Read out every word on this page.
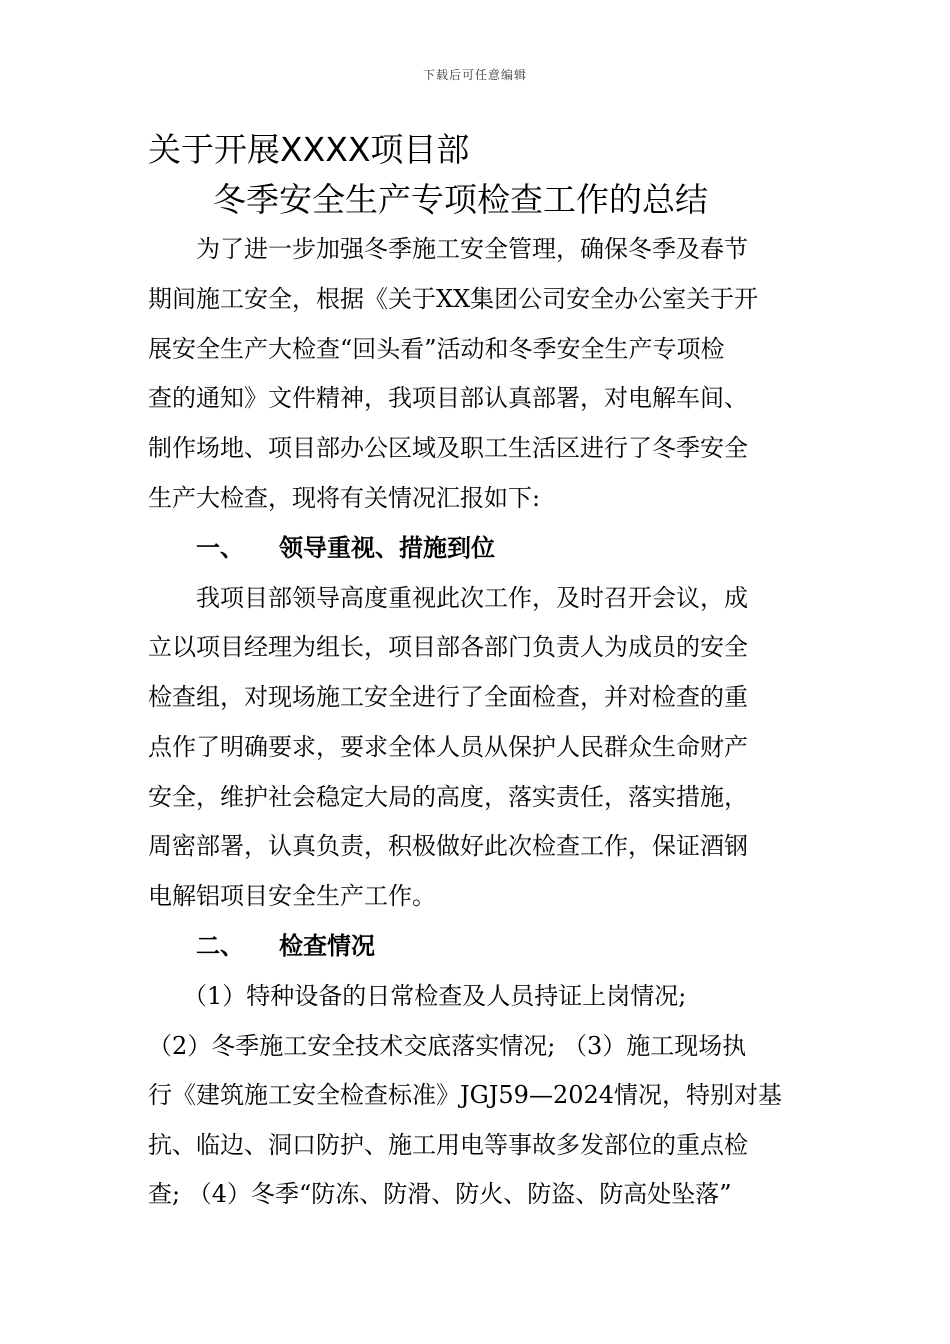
下载后可任意编辑
关于开展XXXX项目部
冬季安全生产专项检查工作的总结
为了进一步加强冬季施工安全管理，确保冬季及春节
期间施工安全，根据《关于XX集团公司安全办公室关于开
展安全生产大检查“回头看”活动和冬季安全生产专项检
查的通知》文件精神，我项目部认真部署，对电解车间、
制作场地、项目部办公区域及职工生活区进行了冬季安全
生产大检查，现将有关情况汇报如下:
一、 领导重视、措施到位
我项目部领导高度重视此次工作，及时召开会议，成
立以项目经理为组长，项目部各部门负责人为成员的安全
检查组，对现场施工安全进行了全面检查，并对检查的重
点作了明确要求，要求全体人员从保护人民群众生命财产
安全，维护社会稳定大局的高度，落实责任，落实措施，
周密部署，认真负责，积极做好此次检查工作，保证酒钢
电解铝项目安全生产工作。
二、 检查情况
（1）特种设备的日常检查及人员持证上岗情况;
（2）冬季施工安全技术交底落实情况; （3）施工现场执
行《建筑施工安全检查标准》JGJ59—2024情况，特别对基
抗、临边、洞口防护、施工用电等事故多发部位的重点检
查; （4）冬季“防冻、防滑、防火、防盗、防高处坠落”
